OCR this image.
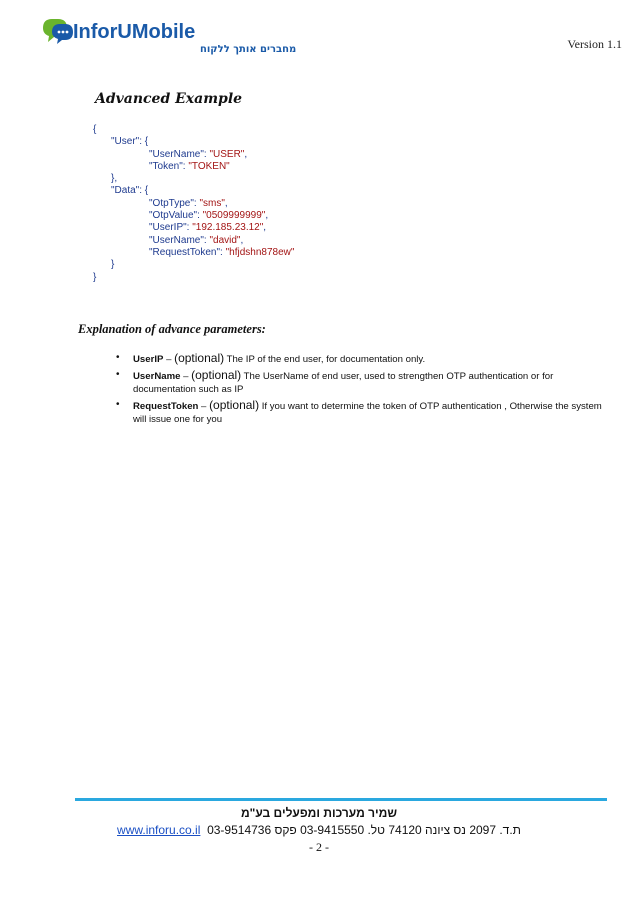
InforUMobile
מחברים אותך ללקוח	Version 1.1
Advanced Example
{
"User": {
"UserName": "USER",
"Token": "TOKEN"
},
"Data": {
"OtpType": "sms",
"OtpValue": "0509999999",
"UserIP": "192.185.23.12",
"UserName": "david",
"RequestToken": "hfjdshn878ew"
}
}
Explanation of advance parameters:
• UserIP – (optional) The IP of the end user, for documentation only.
• UserName – (optional) The UserName of end user, used to strengthen OTP authentication or for documentation such as IP
• RequestToken – (optional) If you want to determine the token of OTP authentication , Otherwise the system will issue one for you
שמיר מערכות ומפעלים בע"מ
www.inforu.co.il ת.ד. 2097 נס ציונה 74120 טל. 03-9415550 פקס 03-9514736
- 2 -
